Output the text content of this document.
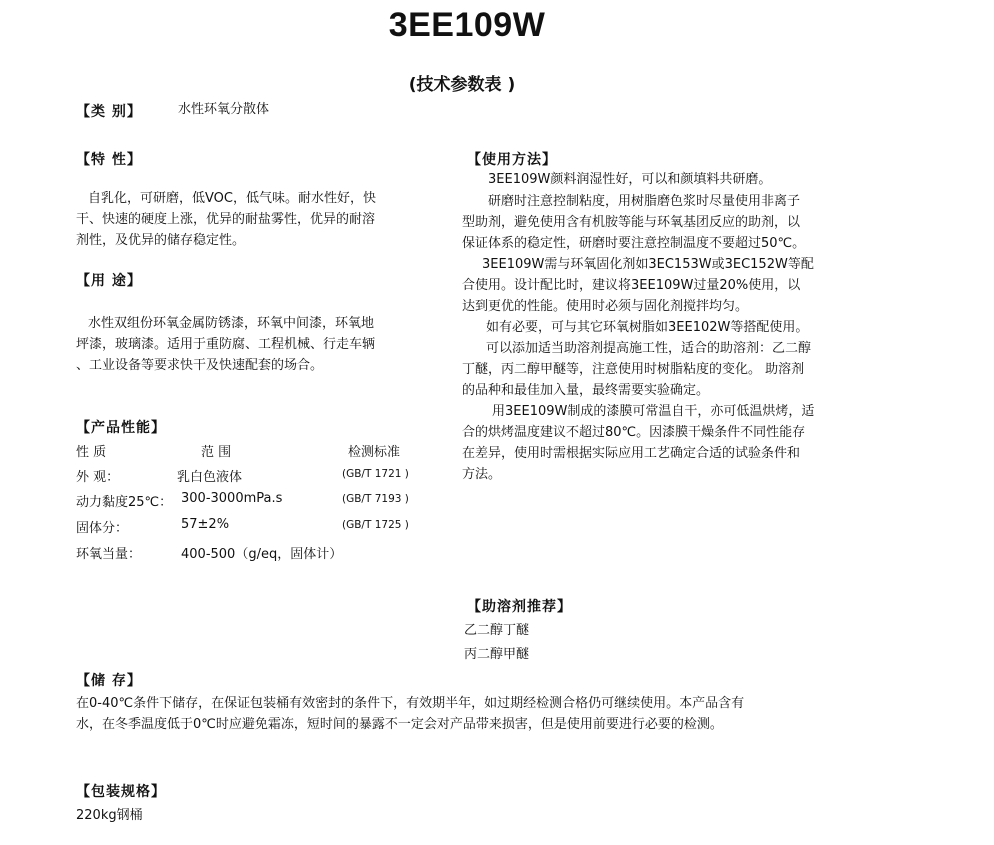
3EE109W
(技术参数表 )
【类 别】	水性环氧分散体
【特 性】

自乳化，可研磨，低VOC，低气味。耐水性好，快

干、快速的硬度上涨，优异的耐盐雾性，优异的耐溶

剂性，及优异的储存稳定性。

【用 途】

水性双组份环氧金属防锈漆，环氧中间漆，环氧地

坪漆，玻璃漆。适用于重防腐、工程机械、行走车辆

、工业设备等要求快干及快速配套的场合。

【产品性能】
性 质	范 围	检测标准
外 观：	乳白色液体	(GB/T 1721 )
动力黏度25℃： 300-3000mPa.s	(GB/T 7193 )
固体分：	57±2%	(GB/T 1725 )
环氧当量：	400-500（g/eq，固体计）
【使用方法】

3EE109W颜料润湿性好，可以和颜填料共研磨。

研磨时注意控制粘度，用树脂磨色浆时尽量使用非离子
型助剂，避免使用含有机胺等能与环氧基团反应的助剂，以
保证体系的稳定性，研磨时要注意控制温度不要超过50℃。

3EE109W需与环氧固化剂如3EC153W或3EC152W等配
合使用。设计配比时，建议将3EE109W过量20%使用，以
达到更优的性能。使用时必须与固化剂搅拌均匀。

如有必要，可与其它环氧树脂如3EE102W等搭配使用。

可以添加适当助溶剂提高施工性，适合的助溶剂：乙二醇
丁醚，丙二醇甲醚等，注意使用时树脂粘度的变化。 助溶剂
的品种和最佳加入量，最终需要实验确定。

用3EE109W制成的漆膜可常温自干，亦可低温烘烤，适
合的烘烤温度建议不超过80℃。因漆膜干燥条件不同性能存
在差异，使用时需根据实际应用工艺确定合适的试验条件和
方法。

【助溶剂推荐】
乙二醇丁醚
丙二醇甲醚
【储 存】

在0-40℃条件下储存，在保证包装桶有效密封的条件下，有效期半年，如过期经检测合格仍可继续使用。本产品含有

水，在冬季温度低于0℃时应避免霜冻，短时间的暴露不一定会对产品带来损害，但是使用前要进行必要的检测。

【包装规格】
220kg钢桶
